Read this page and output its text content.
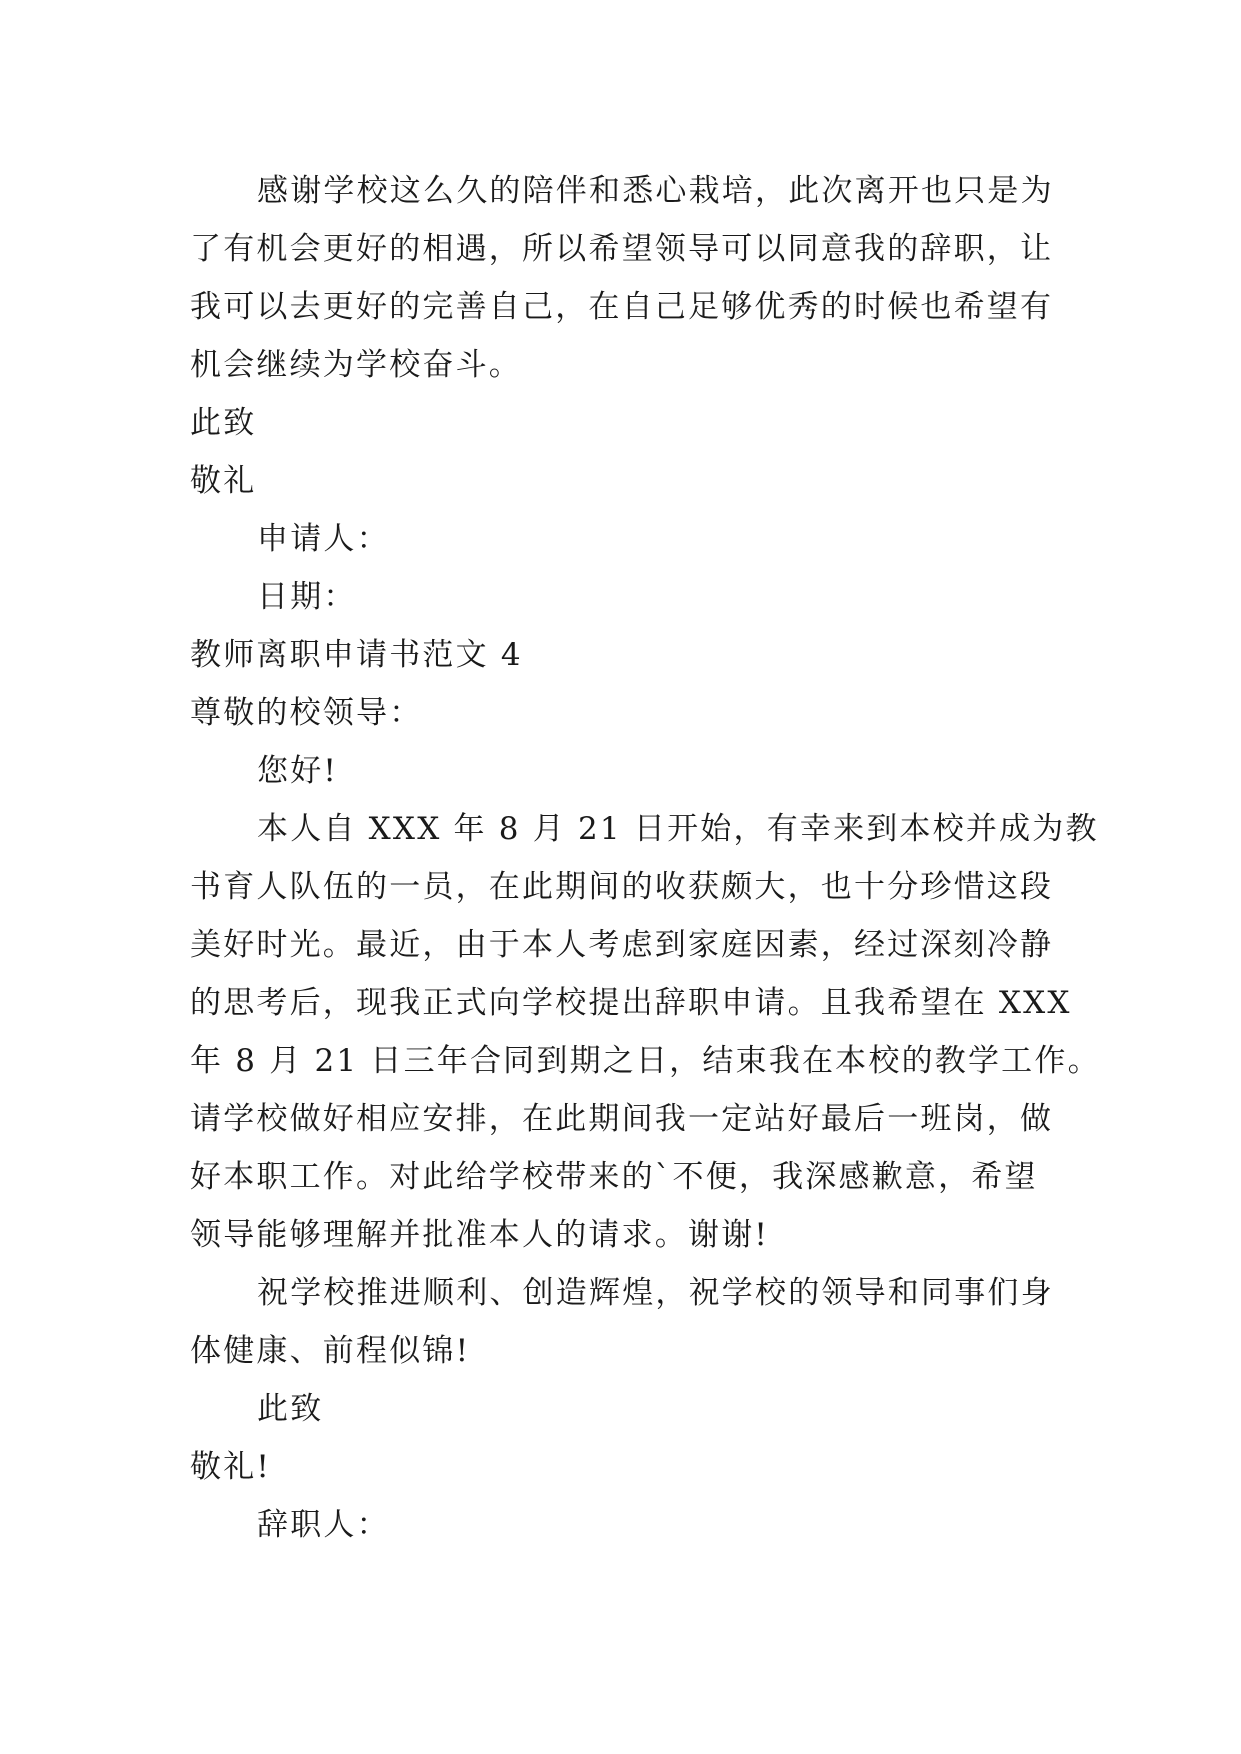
感谢学校这么久的陪伴和悉心栽培，此次离开也只是为
了有机会更好的相遇，所以希望领导可以同意我的辞职，让
我可以去更好的完善自己，在自己足够优秀的时候也希望有
机会继续为学校奋斗。
此致
敬礼
申请人：
日期：
教师离职申请书范文 4
尊敬的校领导：
您好!
本人自 XXX 年 8 月 21 日开始，有幸来到本校并成为教
书育人队伍的一员，在此期间的收获颇大，也十分珍惜这段
美好时光。最近，由于本人考虑到家庭因素，经过深刻冷静
的思考后，现我正式向学校提出辞职申请。且我希望在 XXX
年 8 月 21 日三年合同到期之日，结束我在本校的教学工作。
请学校做好相应安排，在此期间我一定站好最后一班岗，做
好本职工作。对此给学校带来的`不便，我深感歉意，希望
领导能够理解并批准本人的请求。谢谢!
祝学校推进顺利、创造辉煌，祝学校的领导和同事们身
体健康、前程似锦!
此致
敬礼!
辞职人：
